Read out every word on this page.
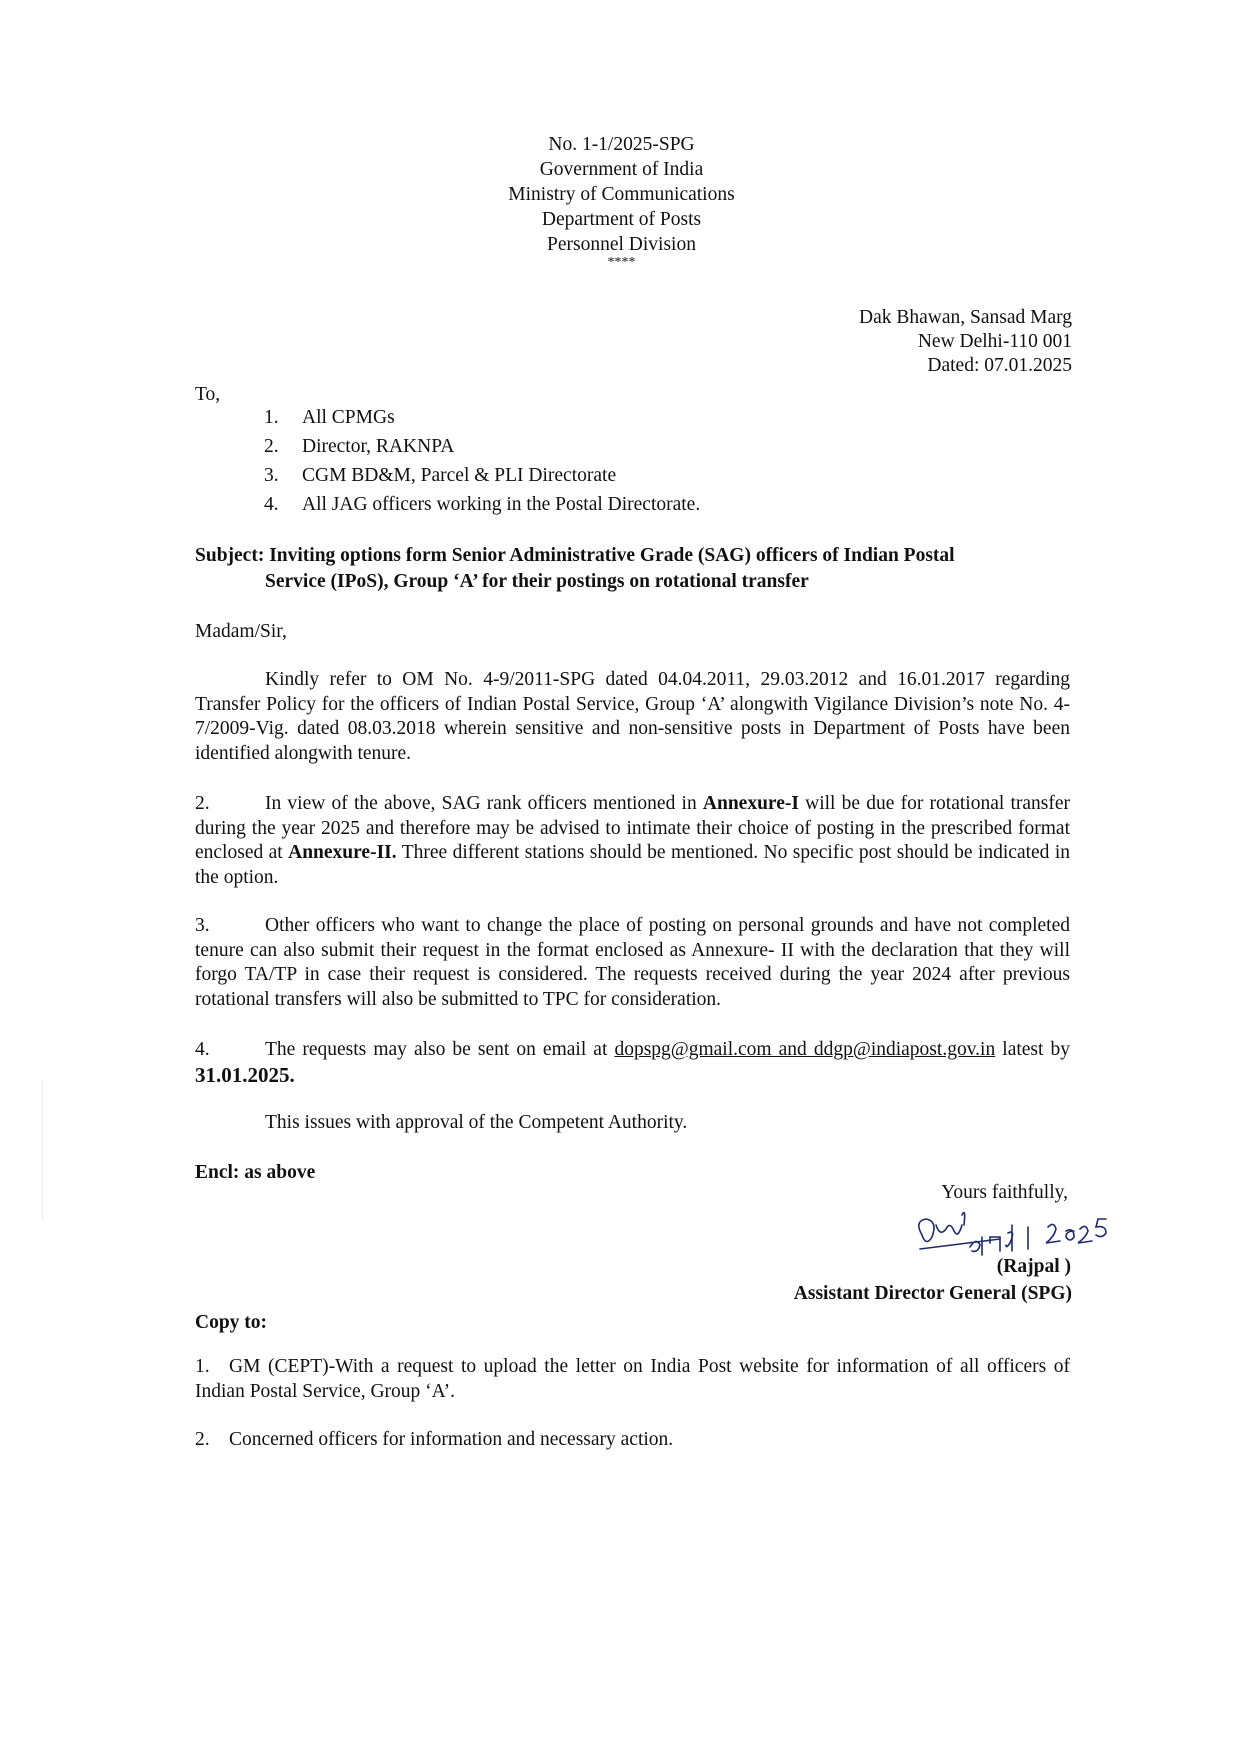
No. 1-1/2025-SPG
Government of India
Ministry of Communications
Department of Posts
Personnel Division
****
Dak Bhawan, Sansad Marg
New Delhi-110 001
Dated: 07.01.2025
To,
1.	All CPMGs
2.	Director, RAKNPA
3.	CGM BD&M, Parcel & PLI Directorate
4.	All JAG officers working in the Postal Directorate.
Subject: Inviting options form Senior Administrative Grade (SAG) officers of Indian Postal
Service (IPoS), Group ‘A’ for their postings on rotational transfer
Madam/Sir,
Kindly refer to OM No. 4-9/2011-SPG dated 04.04.2011, 29.03.2012 and 16.01.2017 regarding Transfer Policy for the officers of Indian Postal Service, Group ‘A’ alongwith Vigilance Division’s note No. 4-7/2009-Vig. dated 08.03.2018 wherein sensitive and non-sensitive posts in Department of Posts have been identified alongwith tenure.
2.	In view of the above, SAG rank officers mentioned in Annexure-I will be due for rotational transfer during the year 2025 and therefore may be advised to intimate their choice of posting in the prescribed format enclosed at Annexure-II. Three different stations should be mentioned. No specific post should be indicated in the option.
3.	Other officers who want to change the place of posting on personal grounds and have not completed tenure can also submit their request in the format enclosed as Annexure- II with the declaration that they will forgo TA/TP in case their request is considered. The requests received during the year 2024 after previous rotational transfers will also be submitted to TPC for consideration.
4.	The requests may also be sent on email at dopspg@gmail.com and ddgp@indiapost.gov.in latest by 31.01.2025.
This issues with approval of the Competent Authority.
Encl: as above
Yours faithfully,
(Rajpal )
Assistant Director General (SPG)
Copy to:
1. GM (CEPT)-With a request to upload the letter on India Post website for information of all officers of Indian Postal Service, Group ‘A’.
2. Concerned officers for information and necessary action.
